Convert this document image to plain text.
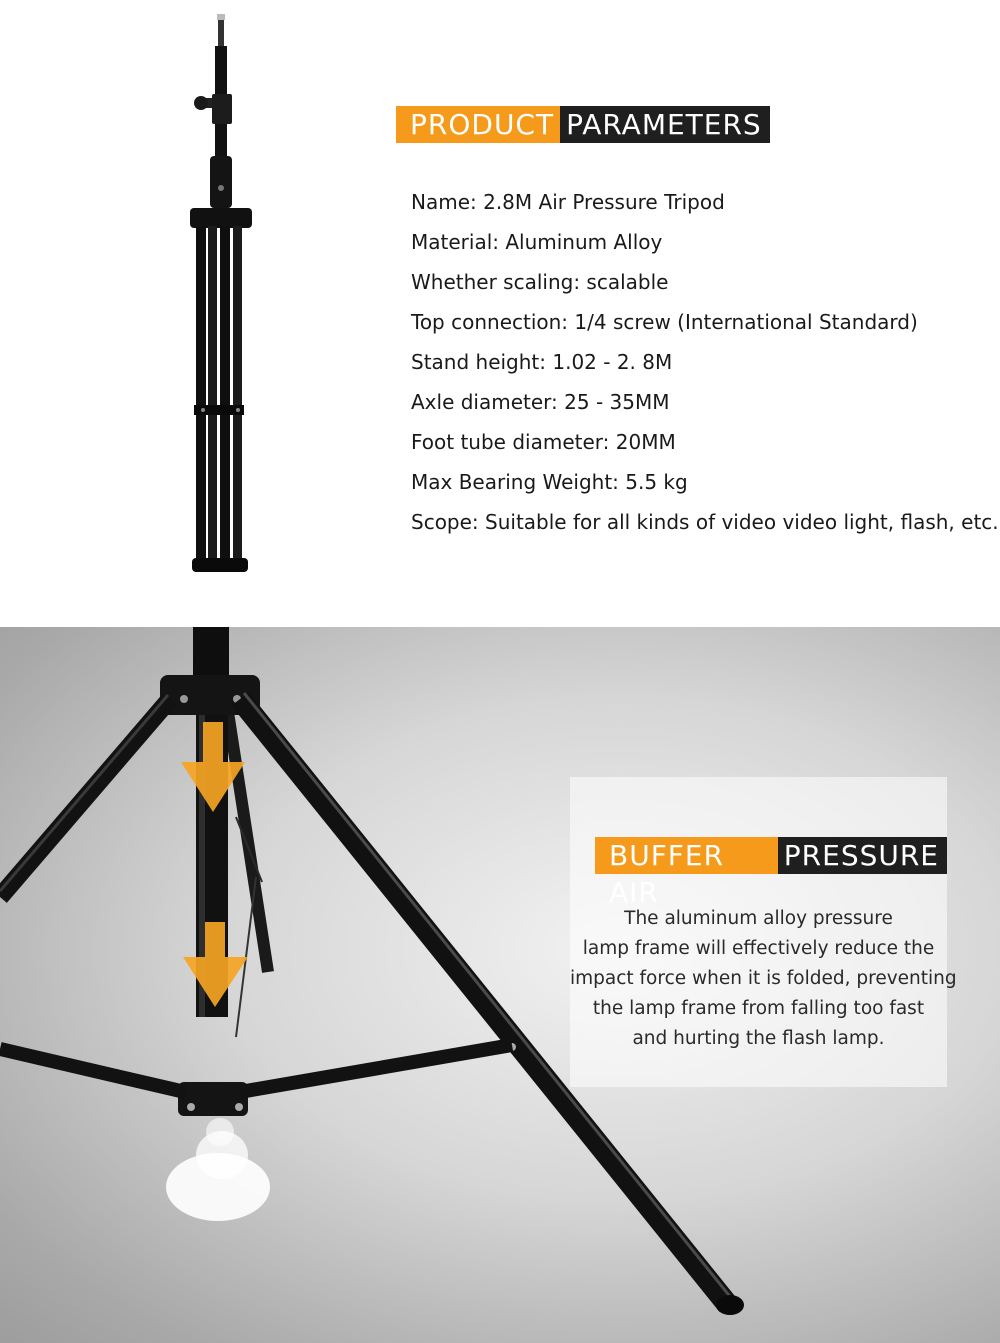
PRODUCT PARAMETERS
Name: 2.8M Air Pressure Tripod
Material: Aluminum Alloy
Whether scaling: scalable
Top connection: 1/4 screw (International Standard)
Stand height: 1.02 - 2. 8M
Axle diameter: 25 - 35MM
Foot tube diameter: 20MM
Max Bearing Weight: 5.5 kg
Scope: Suitable for all kinds of video video light, flash, etc.
BUFFER AIR
PRESSURE
The aluminum alloy pressure
lamp frame will effectively reduce the
impact force when it is folded, preventing
the lamp frame from falling too fast
and hurting the flash lamp.
